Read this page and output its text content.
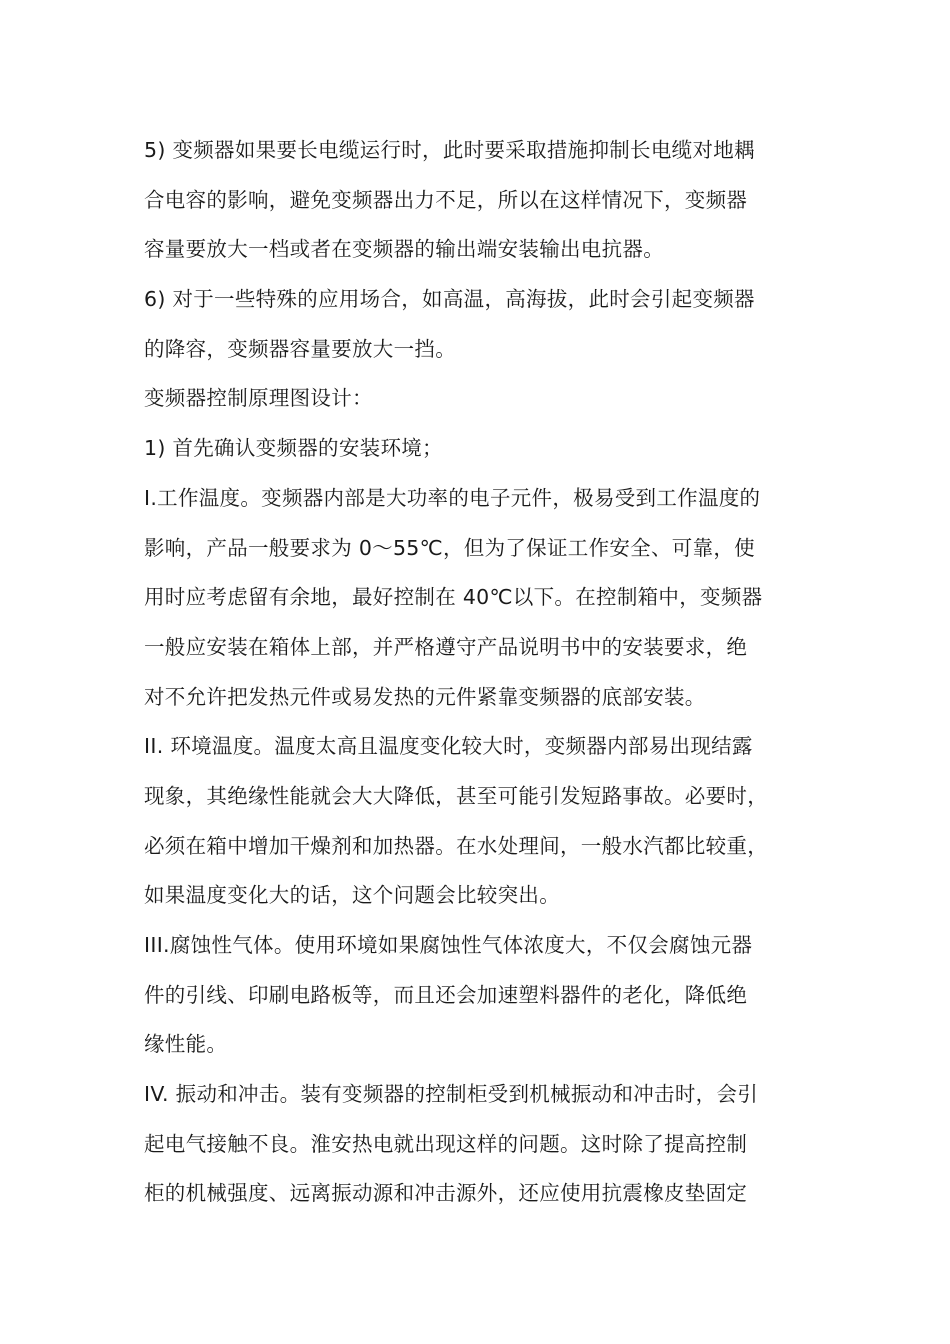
5) 变频器如果要长电缆运行时，此时要采取措施抑制长电缆对地耦
合电容的影响，避免变频器出力不足，所以在这样情况下，变频器
容量要放大一档或者在变频器的输出端安装输出电抗器。
6) 对于一些特殊的应用场合，如高温，高海拔，此时会引起变频器
的降容，变频器容量要放大一挡。
变频器控制原理图设计：
1) 首先确认变频器的安装环境；
I.工作温度。变频器内部是大功率的电子元件，极易受到工作温度的
影响，产品一般要求为 0～55℃，但为了保证工作安全、可靠，使
用时应考虑留有余地，最好控制在 40℃以下。在控制箱中，变频器
一般应安装在箱体上部，并严格遵守产品说明书中的安装要求，绝
对不允许把发热元件或易发热的元件紧靠变频器的底部安装。
II. 环境温度。温度太高且温度变化较大时，变频器内部易出现结露
现象，其绝缘性能就会大大降低，甚至可能引发短路事故。必要时，
必须在箱中增加干燥剂和加热器。在水处理间，一般水汽都比较重，
如果温度变化大的话，这个问题会比较突出。
III.腐蚀性气体。使用环境如果腐蚀性气体浓度大，不仅会腐蚀元器
件的引线、印刷电路板等，而且还会加速塑料器件的老化，降低绝
缘性能。
IV. 振动和冲击。装有变频器的控制柜受到机械振动和冲击时，会引
起电气接触不良。淮安热电就出现这样的问题。这时除了提高控制
柜的机械强度、远离振动源和冲击源外，还应使用抗震橡皮垫固定
